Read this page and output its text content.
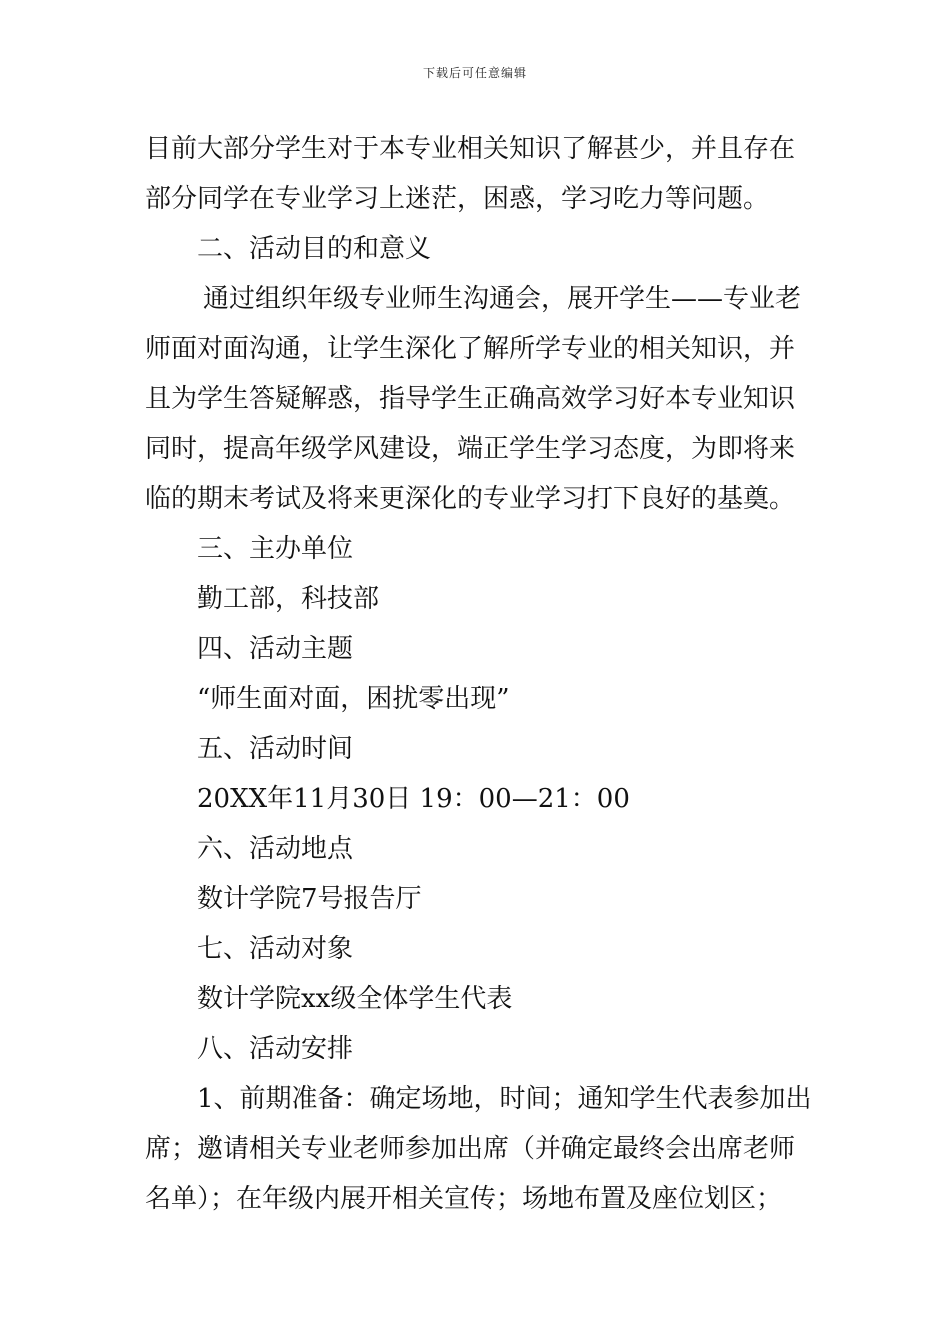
下载后可任意编辑
目前大部分学生对于本专业相关知识了解甚少，并且存在
部分同学在专业学习上迷茫，困惑，学习吃力等问题。
二、活动目的和意义
通过组织年级专业师生沟通会，展开学生——专业老
师面对面沟通，让学生深化了解所学专业的相关知识，并
且为学生答疑解惑，指导学生正确高效学习好本专业知识
同时，提高年级学风建设，端正学生学习态度，为即将来
临的期末考试及将来更深化的专业学习打下良好的基奠。
三、主办单位
勤工部，科技部
四、活动主题
“师生面对面，困扰零出现”
五、活动时间
20XX年11月30日 19：00—21：00
六、活动地点
数计学院7号报告厅
七、活动对象
数计学院xx级全体学生代表
八、活动安排
1、前期准备：确定场地，时间；通知学生代表参加出
席；邀请相关专业老师参加出席（并确定最终会出席老师
名单）；在年级内展开相关宣传；场地布置及座位划区；
